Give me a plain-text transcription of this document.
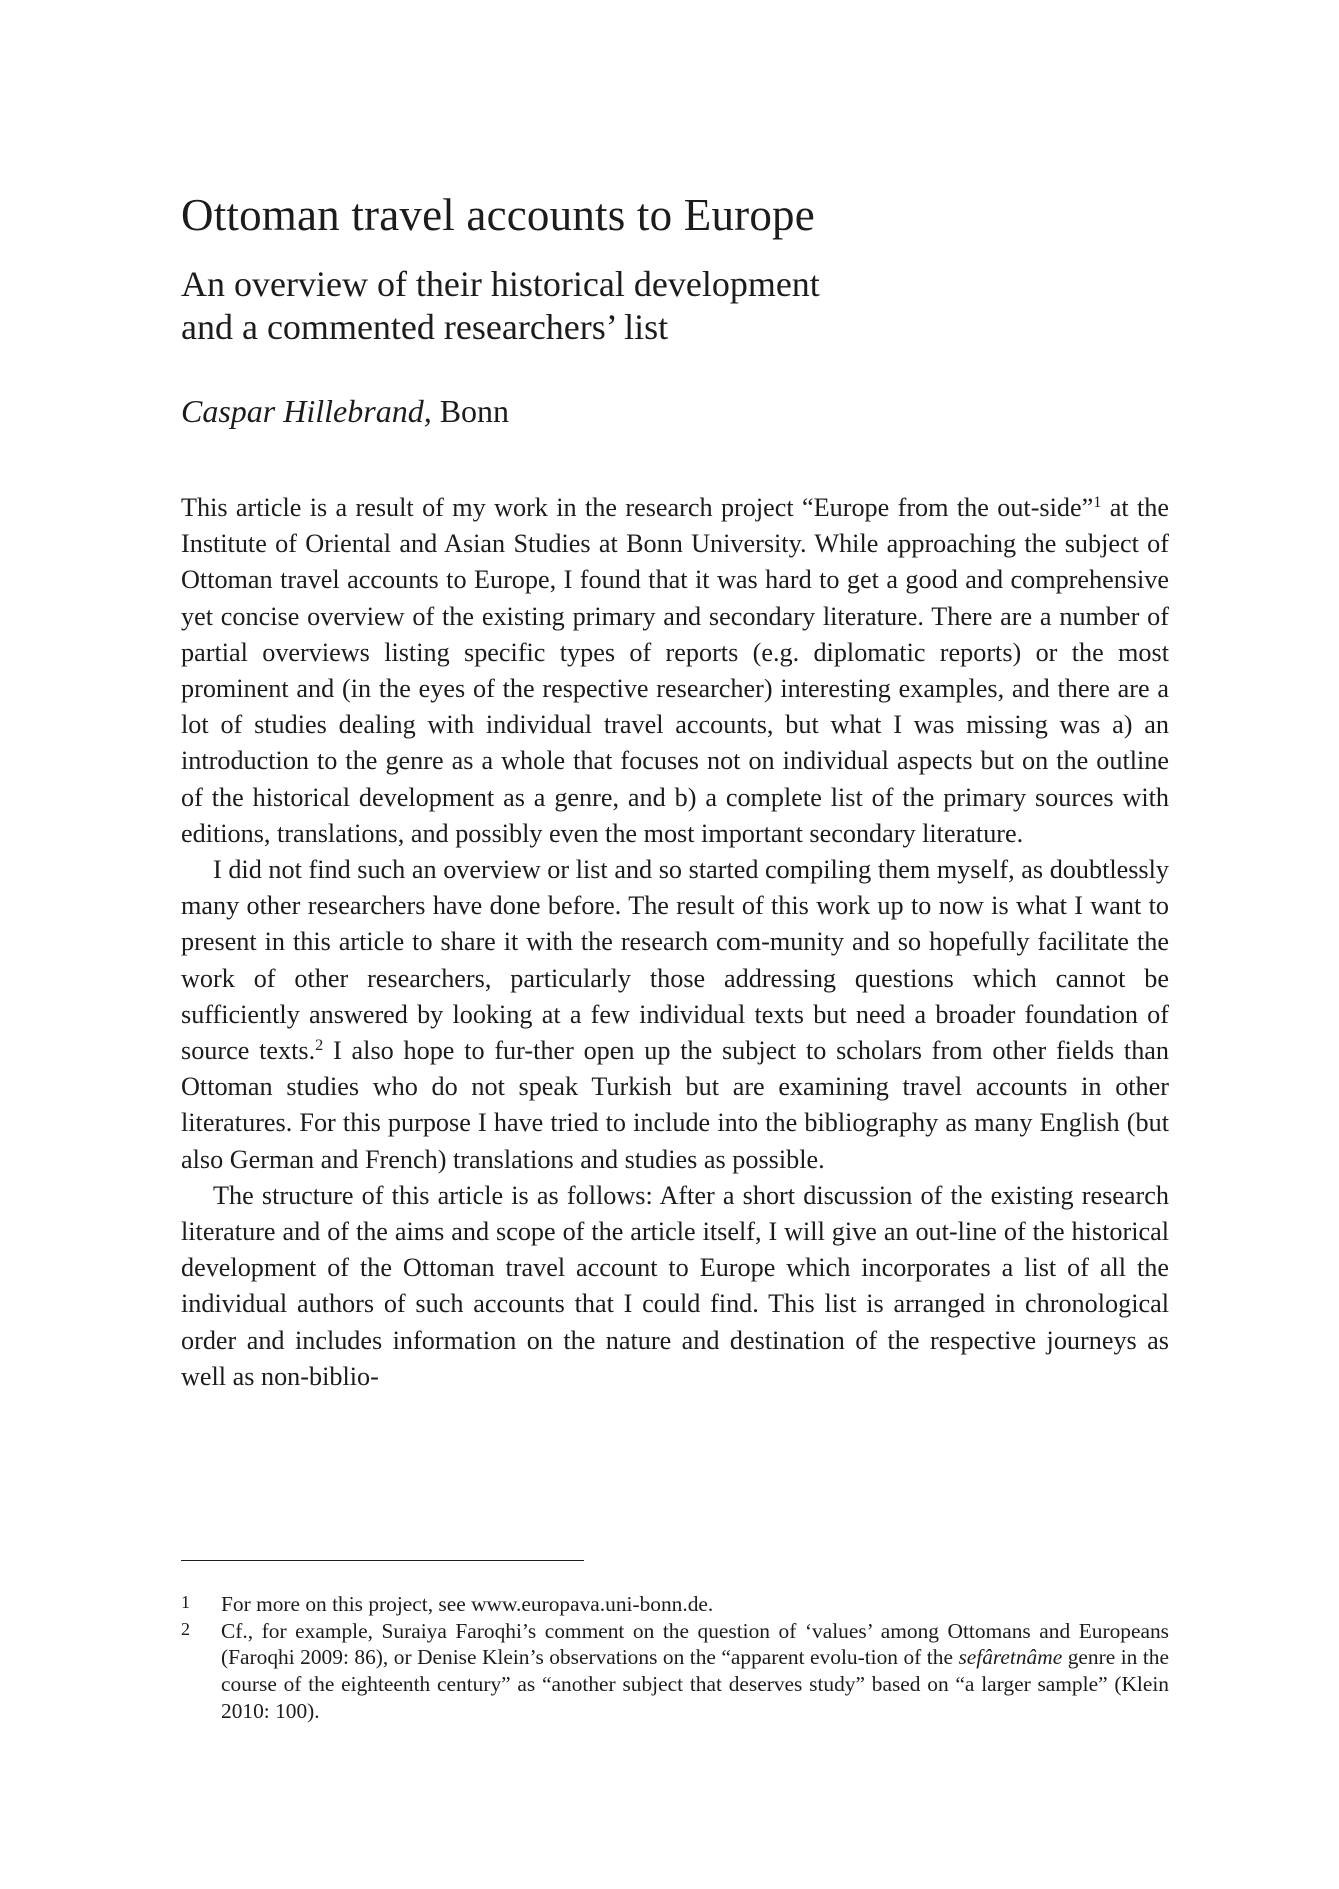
Ottoman travel accounts to Europe
An overview of their historical development
and a commented researchers’ list

Caspar Hillebrand, Bonn

This article is a result of my work in the research project “Europe from the out-side”$^1$ at the Institute of Oriental and Asian Studies at Bonn University. While approaching the subject of Ottoman travel accounts to Europe, I found that it was hard to get a good and comprehensive yet concise overview of the existing primary and secondary literature. There are a number of partial overviews listing specific types of reports (e.g. diplomatic reports) or the most prominent and (in the eyes of the respective researcher) interesting examples, and there are a lot of studies dealing with individual travel accounts, but what I was missing was a) an introduction to the genre as a whole that focuses not on individual aspects but on the outline of the historical development as a genre, and b) a complete list of the primary sources with editions, translations, and possibly even the most important secondary literature.

I did not find such an overview or list and so started compiling them myself, as doubtlessly many other researchers have done before. The result of this work up to now is what I want to present in this article to share it with the research com-munity and so hopefully facilitate the work of other researchers, particularly those addressing questions which cannot be sufficiently answered by looking at a few individual texts but need a broader foundation of source texts.$^2$ I also hope to fur-ther open up the subject to scholars from other fields than Ottoman studies who do not speak Turkish but are examining travel accounts in other literatures. For this purpose I have tried to include into the bibliography as many English (but also German and French) translations and studies as possible.

The structure of this article is as follows: After a short discussion of the existing research literature and of the aims and scope of the article itself, I will give an out-line of the historical development of the Ottoman travel account to Europe which incorporates a list of all the individual authors of such accounts that I could find. This list is arranged in chronological order and includes information on the nature and destination of the respective journeys as well as non-biblio-

1	For more on this project, see www.europava.uni-bonn.de.
2	Cf., for example, Suraiya Faroqhi’s comment on the question of ‘values’ among Ottomans and Europeans (Faroqhi 2009: 86), or Denise Klein’s observations on the “apparent evolu-tion of the sefâretnâme genre in the course of the eighteenth century” as “another subject that deserves study” based on “a larger sample” (Klein 2010: 100).
